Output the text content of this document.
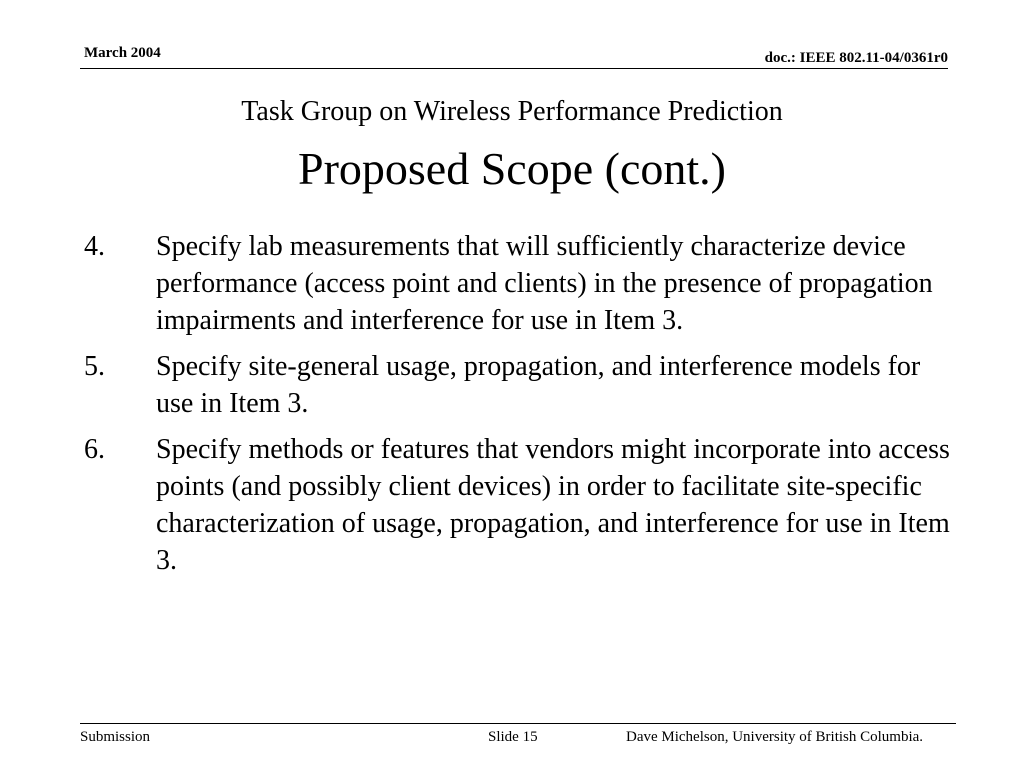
March 2004	doc.: IEEE 802.11-04/0361r0
Task Group on Wireless Performance Prediction
Proposed Scope (cont.)
4.	Specify lab measurements that will sufficiently characterize device performance (access point and clients) in the presence of propagation impairments and interference for use in Item 3.
5.	Specify site-general usage, propagation, and interference models for use in Item 3.
6.	Specify methods or features that vendors might incorporate into access points (and possibly client devices) in order to facilitate site-specific characterization of usage, propagation, and interference for use in Item 3.
Submission	Slide 15	Dave Michelson, University of British Columbia.
